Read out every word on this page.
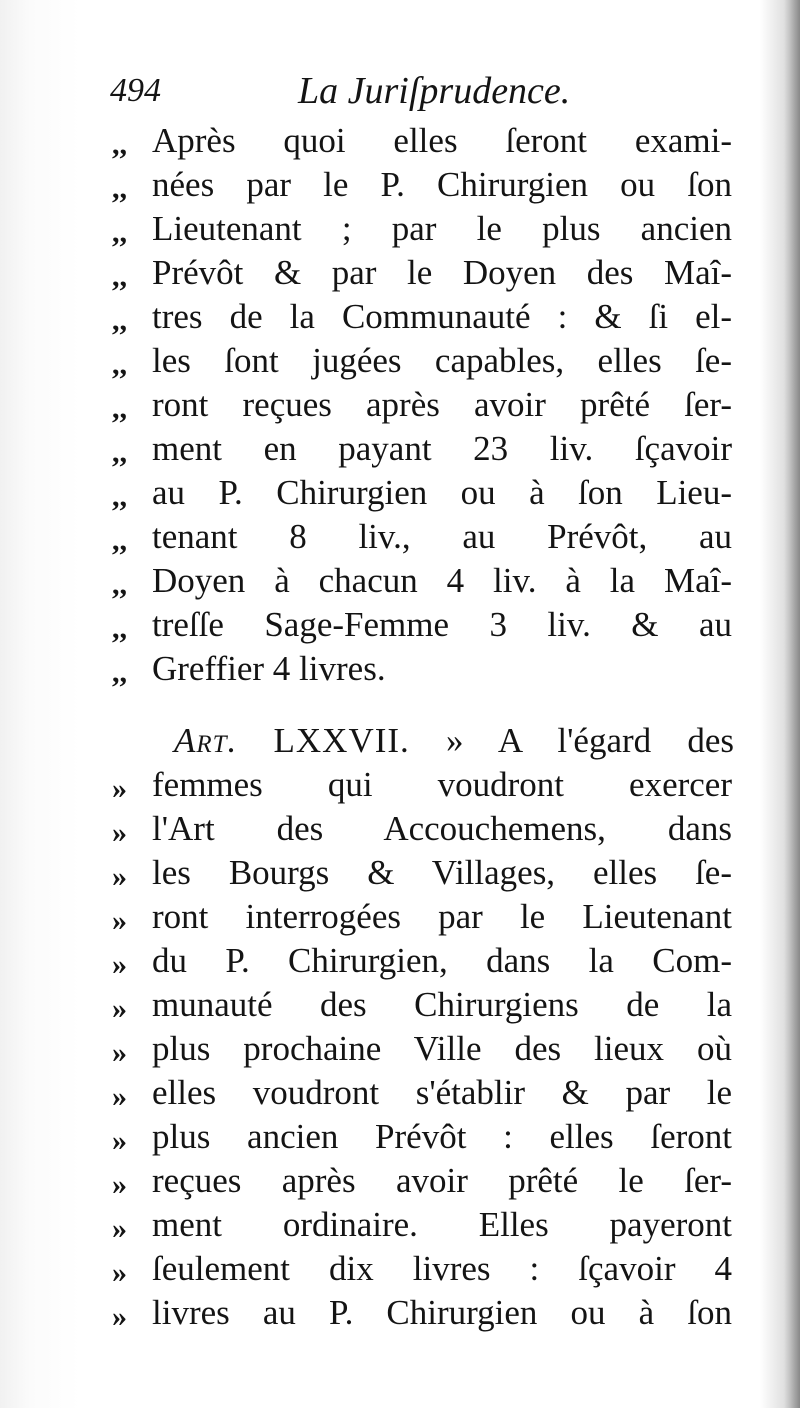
494	La Juriſprudence.
,, Après quoi elles ſeront exami-
,, nées par le P. Chirurgien ou ſon
,, Lieutenant ; par le plus ancien
,, Prévôt & par le Doyen des Maî-
,, tres de la Communauté : & ſi el-
,, les ſont jugées capables, elles ſe-
,, ront reçues après avoir prêté ſer-
,, ment en payant 23 liv. ſçavoir
,, au P. Chirurgien ou à ſon Lieu-
,, tenant 8 liv., au Prévôt, au
,, Doyen à chacun 4 liv. à la Maî-
,, treſſe Sage-Femme 3 liv. & au
,, Greffier 4 livres.
Art. LXXVII. » A l'égard des
» femmes qui voudront exercer
» l'Art des Accouchemens, dans
» les Bourgs & Villages, elles ſe-
» ront interrogées par le Lieutenant
» du P. Chirurgien, dans la Com-
» munauté des Chirurgiens de la
» plus prochaine Ville des lieux où
» elles voudront s'établir & par le
» plus ancien Prévôt : elles ſeront
» reçues après avoir prêté le ſer-
» ment ordinaire. Elles payeront
» ſeulement dix livres : ſçavoir 4
» livres au P. Chirurgien ou à ſon
